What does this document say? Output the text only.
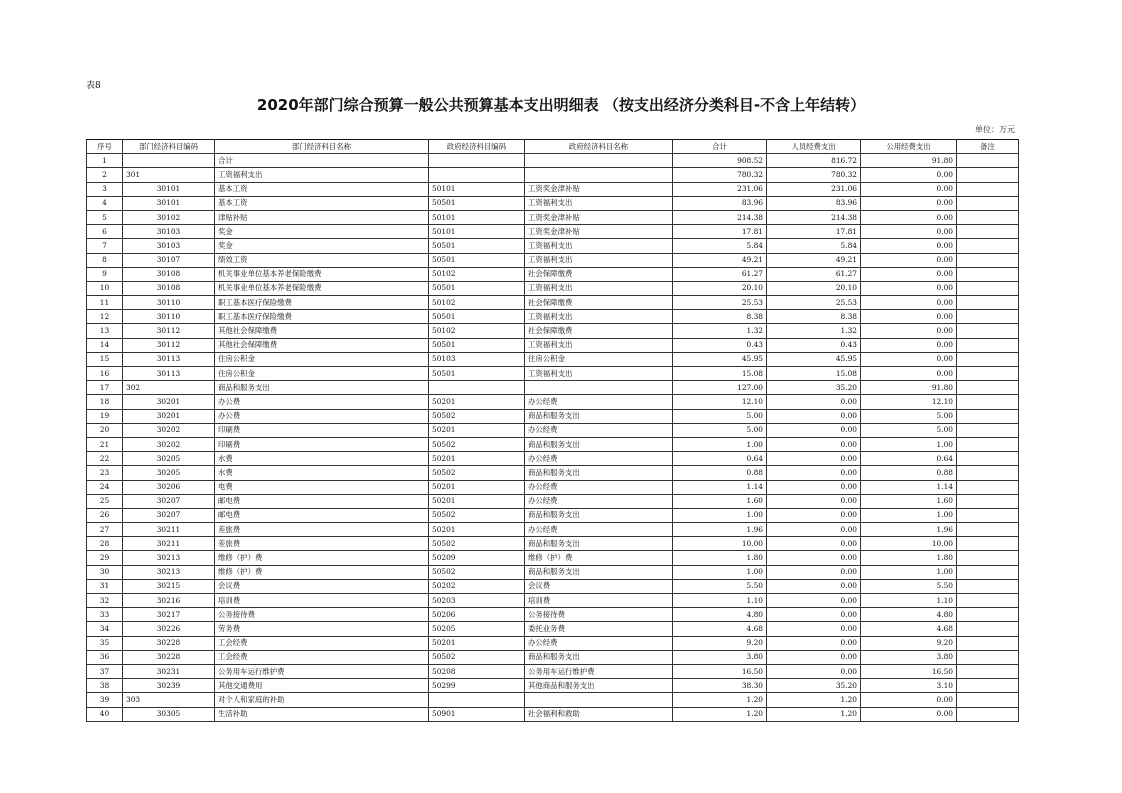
表8
2020年部门综合预算一般公共预算基本支出明细表 （按支出经济分类科目-不含上年结转）
单位：万元
序号	部门经济科目编码	部门经济科目名称	政府经济科目编码	政府经济科目名称	合计	人员经费支出	公用经费支出	备注
1		合计			908.52	816.72	91.80	
2	301	工资福利支出			780.32	780.32	0.00	
3	30101	基本工资	50101	工资奖金津补贴	231.06	231.06	0.00	
4	30101	基本工资	50501	工资福利支出	83.96	83.96	0.00	
5	30102	津贴补贴	50101	工资奖金津补贴	214.38	214.38	0.00	
6	30103	奖金	50101	工资奖金津补贴	17.81	17.81	0.00	
7	30103	奖金	50501	工资福利支出	5.84	5.84	0.00	
8	30107	绩效工资	50501	工资福利支出	49.21	49.21	0.00	
9	30108	机关事业单位基本养老保险缴费	50102	社会保障缴费	61.27	61.27	0.00	
10	30108	机关事业单位基本养老保险缴费	50501	工资福利支出	20.10	20.10	0.00	
11	30110	职工基本医疗保险缴费	50102	社会保障缴费	25.53	25.53	0.00	
12	30110	职工基本医疗保险缴费	50501	工资福利支出	8.38	8.38	0.00	
13	30112	其他社会保障缴费	50102	社会保障缴费	1.32	1.32	0.00	
14	30112	其他社会保障缴费	50501	工资福利支出	0.43	0.43	0.00	
15	30113	住房公积金	50103	住房公积金	45.95	45.95	0.00	
16	30113	住房公积金	50501	工资福利支出	15.08	15.08	0.00	
17	302	商品和服务支出			127.00	35.20	91.80	
18	30201	办公费	50201	办公经费	12.10	0.00	12.10	
19	30201	办公费	50502	商品和服务支出	5.00	0.00	5.00	
20	30202	印刷费	50201	办公经费	5.00	0.00	5.00	
21	30202	印刷费	50502	商品和服务支出	1.00	0.00	1.00	
22	30205	水费	50201	办公经费	0.64	0.00	0.64	
23	30205	水费	50502	商品和服务支出	0.88	0.00	0.88	
24	30206	电费	50201	办公经费	1.14	0.00	1.14	
25	30207	邮电费	50201	办公经费	1.60	0.00	1.60	
26	30207	邮电费	50502	商品和服务支出	1.00	0.00	1.00	
27	30211	差旅费	50201	办公经费	1.96	0.00	1.96	
28	30211	差旅费	50502	商品和服务支出	10.00	0.00	10.00	
29	30213	维修（护）费	50209	维修（护）费	1.80	0.00	1.80	
30	30213	维修（护）费	50502	商品和服务支出	1.00	0.00	1.00	
31	30215	会议费	50202	会议费	5.50	0.00	5.50	
32	30216	培训费	50203	培训费	1.10	0.00	1.10	
33	30217	公务接待费	50206	公务接待费	4.80	0.00	4.80	
34	30226	劳务费	50205	委托业务费	4.68	0.00	4.68	
35	30228	工会经费	50201	办公经费	9.20	0.00	9.20	
36	30228	工会经费	50502	商品和服务支出	3.80	0.00	3.80	
37	30231	公务用车运行维护费	50208	公务用车运行维护费	16.50	0.00	16.50	
38	30239	其他交通费用	50299	其他商品和服务支出	38.30	35.20	3.10	
39	303	对个人和家庭的补助			1.20	1.20	0.00	
40	30305	生活补助	50901	社会福利和救助	1.20	1.20	0.00	
